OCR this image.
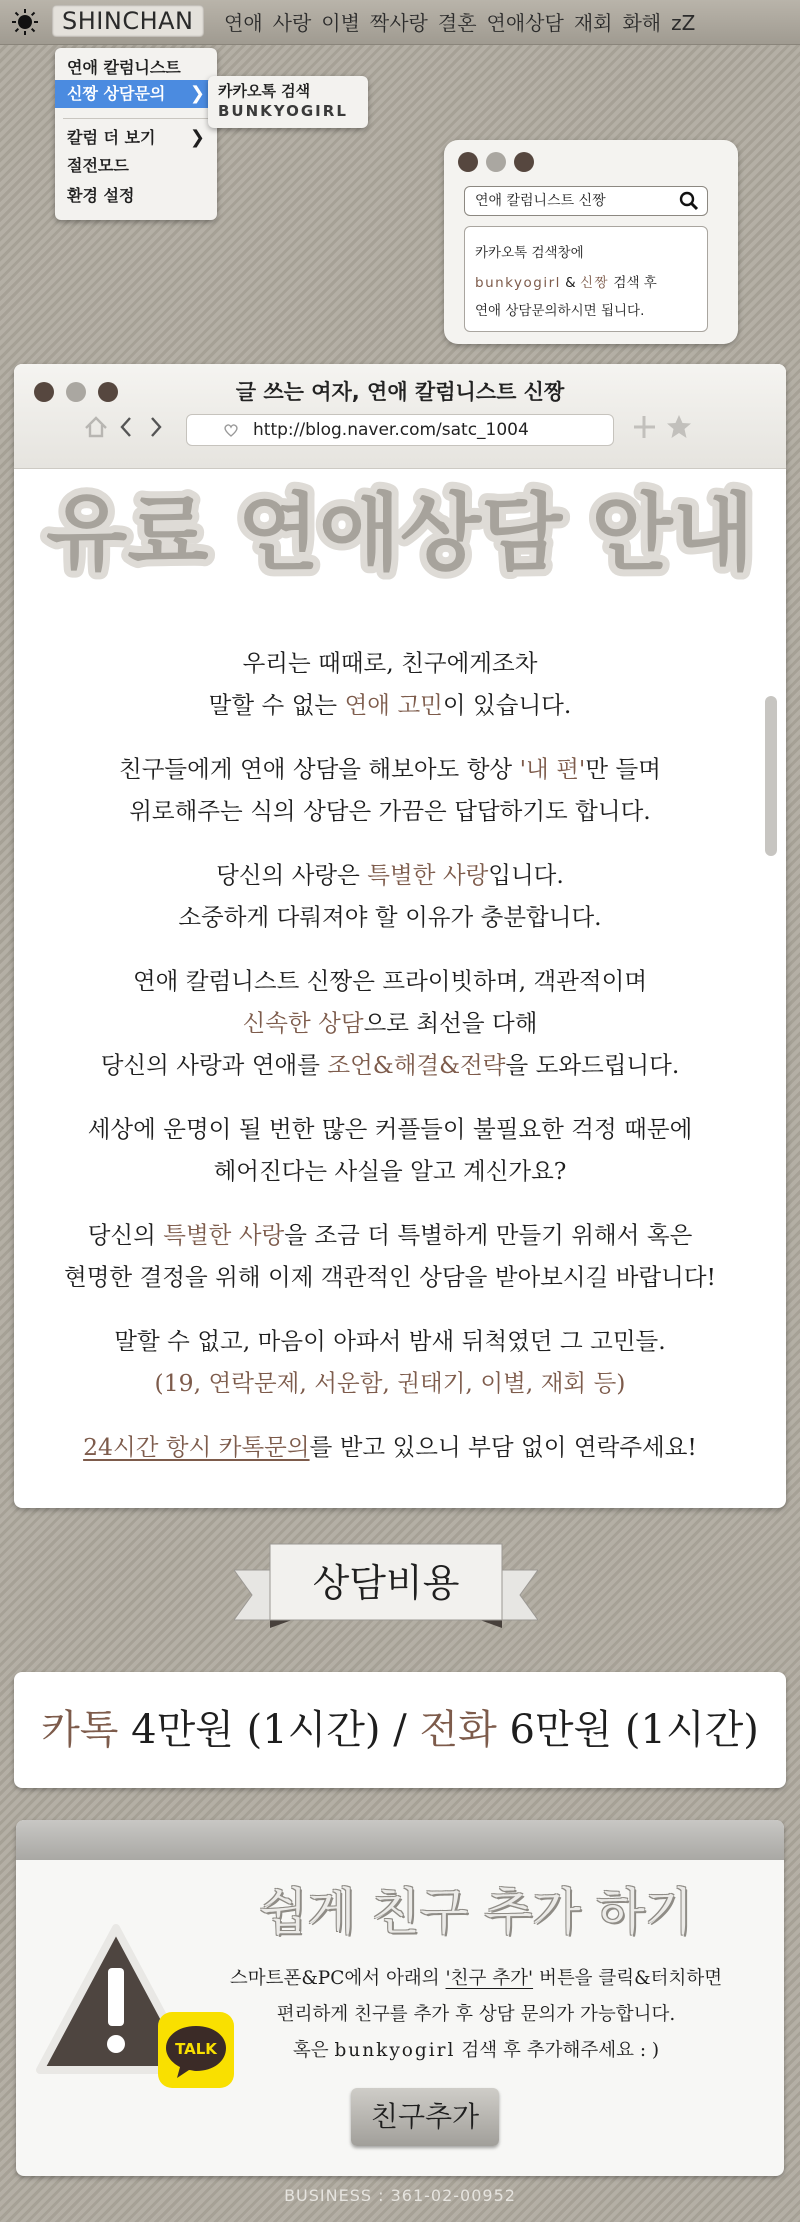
SHINCHAN	연애 사랑 이별 짝사랑 결혼 연애상담 재회 화해 zZ
연애 칼럼니스트
신짱 상담문의 ❯
칼럼 더 보기 ❯
절전모드
환경 설정
카카오톡 검색
BUNKYOGIRL
연애 칼럼니스트 신짱
카카오톡 검색창에
bunkyogirl & 신짱 검색 후
연애 상담문의하시면 됩니다.
글 쓰는 여자, 연애 칼럼니스트 신짱
http://blog.naver.com/satc_1004
유료 연애상담 안내
우리는 때때로, 친구에게조차
말할 수 없는 연애 고민이 있습니다.
친구들에게 연애 상담을 해보아도 항상 '내 편'만 들며
위로해주는 식의 상담은 가끔은 답답하기도 합니다.
당신의 사랑은 특별한 사랑입니다.
소중하게 다뤄져야 할 이유가 충분합니다.
연애 칼럼니스트 신짱은 프라이빗하며, 객관적이며
신속한 상담으로 최선을 다해
당신의 사랑과 연애를 조언&해결&전략을 도와드립니다.
세상에 운명이 될 번한 많은 커플들이 불필요한 걱정 때문에
헤어진다는 사실을 알고 계신가요?
당신의 특별한 사랑을 조금 더 특별하게 만들기 위해서 혹은
현명한 결정을 위해 이제 객관적인 상담을 받아보시길 바랍니다!
말할 수 없고, 마음이 아파서 밤새 뒤척였던 그 고민들.
(19, 연락문제, 서운함, 권태기, 이별, 재회 등)
24시간 항시 카톡문의를 받고 있으니 부담 없이 연락주세요!
상담비용
카톡 4만원 (1시간) / 전화 6만원 (1시간)
쉽게 친구 추가 하기
스마트폰&PC에서 아래의 '친구 추가' 버튼을 클릭&터치하면
편리하게 친구를 추가 후 상담 문의가 가능합니다.
혹은 bunkyogirl 검색 후 추가해주세요 : )
TALK
친구추가
BUSINESS : 361-02-00952
